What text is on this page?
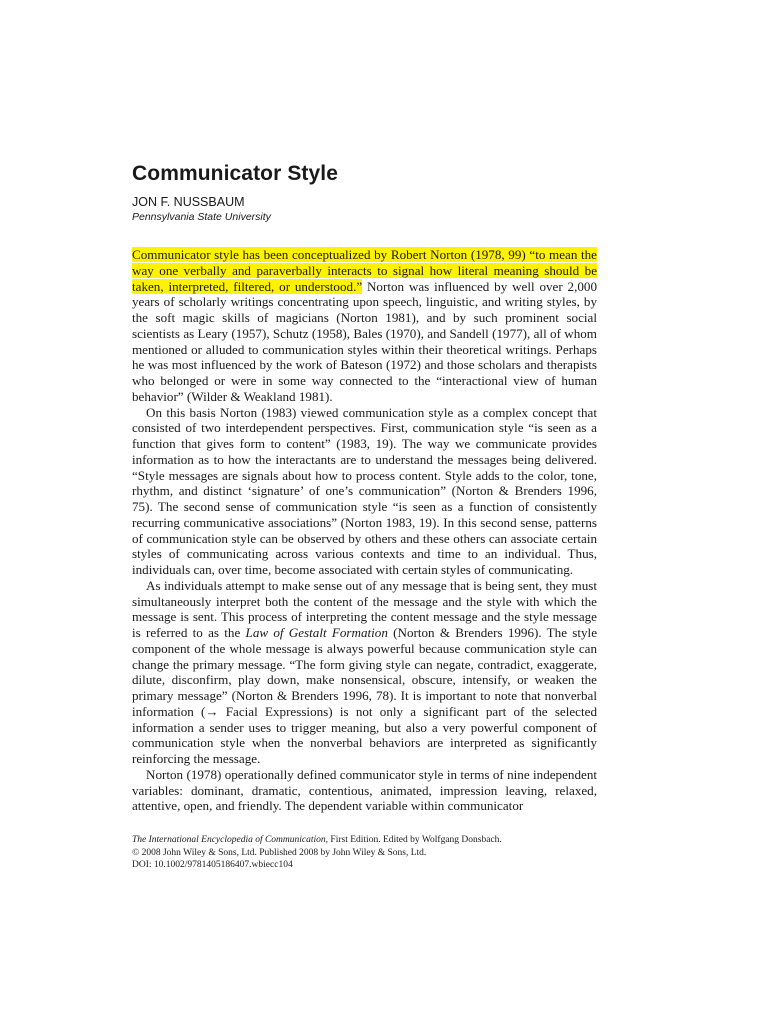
Communicator Style
JON F. NUSSBAUM
Pennsylvania State University

Communicator style has been conceptualized by Robert Norton (1978, 99) “to mean the way one verbally and paraverbally interacts to signal how literal meaning should be taken, interpreted, filtered, or understood.” Norton was influenced by well over 2,000 years of scholarly writings concentrating upon speech, linguistic, and writing styles, by the soft magic skills of magicians (Norton 1981), and by such prominent social scientists as Leary (1957), Schutz (1958), Bales (1970), and Sandell (1977), all of whom mentioned or alluded to communication styles within their theoretical writings. Perhaps he was most influenced by the work of Bateson (1972) and those scholars and therapists who belonged or were in some way connected to the “interactional view of human behavior” (Wilder & Weakland 1981).

On this basis Norton (1983) viewed communication style as a complex concept that consisted of two interdependent perspectives. First, communication style “is seen as a function that gives form to content” (1983, 19). The way we communicate provides information as to how the interactants are to understand the messages being delivered. “Style messages are signals about how to process content. Style adds to the color, tone, rhythm, and distinct ‘signature’ of one’s communication” (Norton & Brenders 1996, 75). The second sense of communication style “is seen as a function of consistently recurring communicative associations” (Norton 1983, 19). In this second sense, patterns of communication style can be observed by others and these others can associate certain styles of communicating across various contexts and time to an individual. Thus, individuals can, over time, become associated with certain styles of communicating.

As individuals attempt to make sense out of any message that is being sent, they must simultaneously interpret both the content of the message and the style with which the message is sent. This process of interpreting the content message and the style message is referred to as the Law of Gestalt Formation (Norton & Brenders 1996). The style component of the whole message is always powerful because communication style can change the primary message. “The form giving style can negate, contradict, exaggerate, dilute, disconfirm, play down, make nonsensical, obscure, intensify, or weaken the primary message” (Norton & Brenders 1996, 78). It is important to note that nonverbal information (→ Facial Expressions) is not only a significant part of the selected information a sender uses to trigger meaning, but also a very powerful component of communication style when the nonverbal behaviors are interpreted as significantly reinforcing the message.

Norton (1978) operationally defined communicator style in terms of nine independent variables: dominant, dramatic, contentious, animated, impression leaving, relaxed, attentive, open, and friendly. The dependent variable within communicator

The International Encyclopedia of Communication, First Edition. Edited by Wolfgang Donsbach.
© 2008 John Wiley & Sons, Ltd. Published 2008 by John Wiley & Sons, Ltd.
DOI: 10.1002/9781405186407.wbiecc104
